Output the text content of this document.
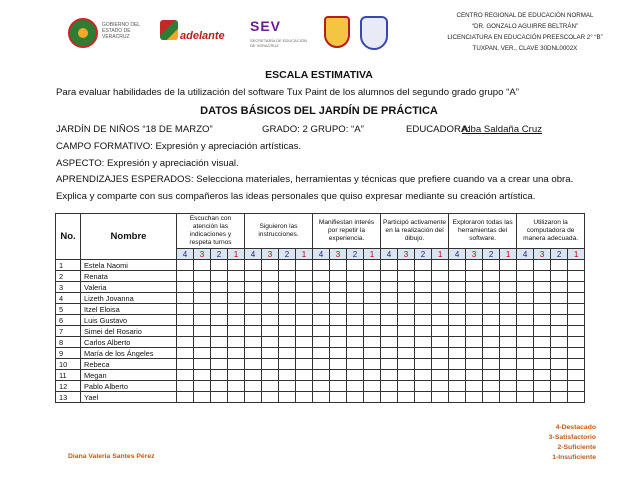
GOBIERNO DEL ESTADO DE VERACRUZ	adelante
SEV
SECRETARÍA DE EDUCACIÓN DE VERACRUZ
CENTRO REGIONAL DE EDUCACIÓN NORMAL
“DR. GONZALO AGUIRRE BELTRÁN”
LICENCIATURA EN EDUCACIÓN PREESCOLAR 2° “B”
TUXPAN, VER., CLAVE 30DNL0002X
ESCALA ESTIMATIVA
Para evaluar habilidades de la utilización del software Tux Paint de los alumnos del segundo grado grupo “A”
DATOS BÁSICOS DEL JARDÍN DE PRÁCTICA
JARDÍN DE NIÑOS “18 DE MARZO”	GRADO: 2 GRUPO: “A”	EDUCADORA:
Alba Saldaña Cruz
CAMPO FORMATIVO: Expresión y apreciación artísticas.
ASPECTO: Expresión y apreciación visual.
APRENDIZAJES ESPERADOS: Selecciona materiales, herramientas y técnicas que prefiere cuando va a crear una obra.
Explica y comparte con sus compañeros las ideas personales que quiso expresar mediante su creación artística.
No.	Nombre	Escuchan con atención las indicaciones y respeta turnos				Siguieron las instrucciones.				Manifiestan interés por repetir la experiencia.				Participó activamente en la realización del dibujo.				Exploraron todas las herramientas del software.				Utilizaron la computadora de manera adecuada.			
		4	3	2	1	4	3	2	1	4	3	2	1	4	3	2	1	4	3	2	1	4	3	2	1
1	Estela Naomi																								
2	Renata																								
3	Valeria																								
4	Lizeth Jovanna																								
5	Itzel Eloisa																								
6	Luis Gustavo																								
7	Simei del Rosario																								
8	Carlos Alberto																								
9	María de los Ángeles																								
10	Rebeca																								
11	Megan																								
12	Pablo Alberto																								
13	Yael																								
4-Destacado
3-Satisfactorio
2-Suficiente
1-Insuficiente
Diana Valeria Santes Pérez
